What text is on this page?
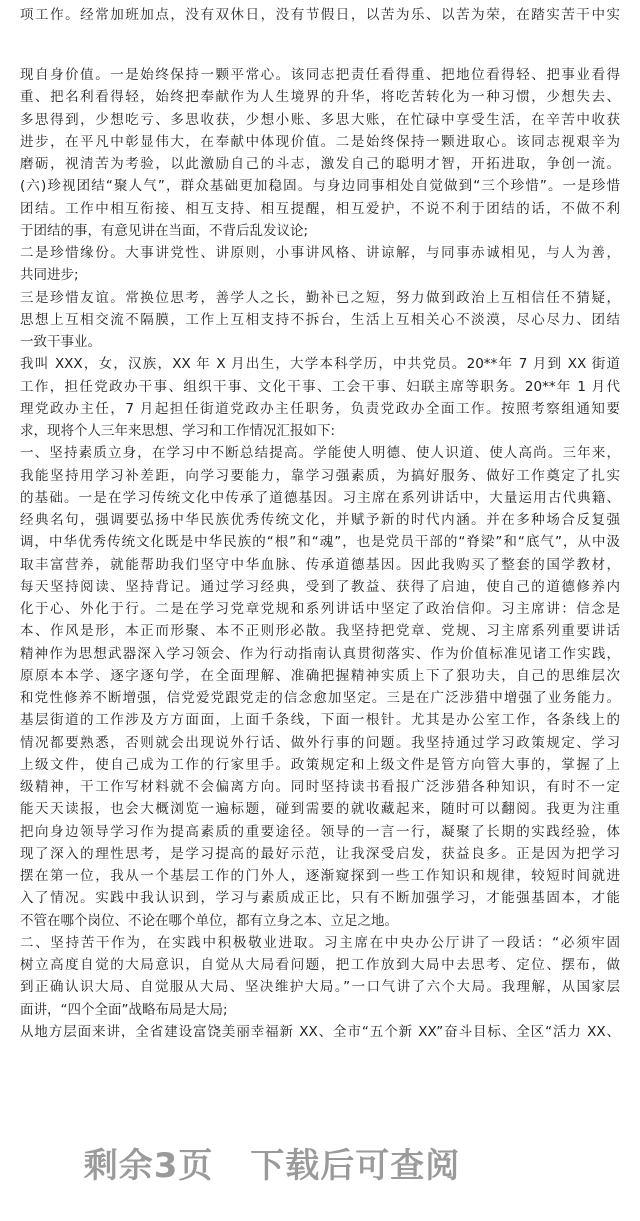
项工作。经常加班加点，没有双休日，没有节假日，以苦为乐、以苦为荣，在踏实苦干中实
现自身价值。一是始终保持一颗平常心。该同志把责任看得重、把地位看得轻、把事业看得
重、把名利看得轻，始终把奉献作为人生境界的升华，将吃苦转化为一种习惯，少想失去、
多思得到，少想吃亏、多思收获，少想小账、多思大账，在忙碌中享受生活，在辛苦中收获
进步，在平凡中彰显伟大，在奉献中体现价值。二是始终保持一颗进取心。该同志视艰辛为
磨砺，视清苦为考验，以此激励自己的斗志，激发自己的聪明才智，开拓进取，争创一流。
(六)珍视团结“聚人气”，群众基础更加稳固。与身边同事相处自觉做到“三个珍惜”。一是珍惜
团结。工作中相互衔接、相互支持、相互提醒，相互爱护，不说不利于团结的话，不做不利
于团结的事，有意见讲在当面，不背后乱发议论;
二是珍惜缘份。大事讲党性、讲原则，小事讲风格、讲谅解，与同事赤诚相见，与人为善，
共同进步;
三是珍惜友谊。常换位思考，善学人之长，勤补已之短，努力做到政治上互相信任不猜疑，
思想上互相交流不隔膜，工作上互相支持不拆台，生活上互相关心不淡漠，尽心尽力、团结
一致干事业。
我叫 XXX，女，汉族，XX 年 X 月出生，大学本科学历，中共党员。20**年 7 月到 XX 街道
工作，担任党政办干事、组织干事、文化干事、工会干事、妇联主席等职务。20**年 1 月代
理党政办主任，7 月起担任街道党政办主任职务，负责党政办全面工作。按照考察组通知要
求，现将个人三年来思想、学习和工作情况汇报如下:
一、坚持素质立身，在学习中不断总结提高。学能使人明德、使人识道、使人高尚。三年来，
我能坚持用学习补差距，向学习要能力，靠学习强素质，为搞好服务、做好工作奠定了扎实
的基础。一是在学习传统文化中传承了道德基因。习主席在系列讲话中，大量运用古代典籍、
经典名句，强调要弘扬中华民族优秀传统文化，并赋予新的时代内涵。并在多种场合反复强
调，中华优秀传统文化既是中华民族的“根”和“魂”，也是党员干部的“脊梁”和“底气”，从中汲
取丰富营养，就能帮助我们坚守中华血脉、传承道德基因。因此我购买了整套的国学教材，
每天坚持阅读、坚持背记。通过学习经典，受到了教益、获得了启迪，使自己的道德修养内
化于心、外化于行。二是在学习党章党规和系列讲话中坚定了政治信仰。习主席讲：信念是
本、作风是形，本正而形聚、本不正则形必散。我坚持把党章、党规、习主席系列重要讲话
精神作为思想武器深入学习领会、作为行动指南认真贯彻落实、作为价值标准见诸工作实践，
原原本本学、逐字逐句学，在全面理解、准确把握精神实质上下了狠功夫，自己的思维层次
和党性修养不断增强，信党爱党跟党走的信念愈加坚定。三是在广泛涉猎中增强了业务能力。
基层街道的工作涉及方方面面，上面千条线，下面一根针。尤其是办公室工作，各条线上的
情况都要熟悉，否则就会出现说外行话、做外行事的问题。我坚持通过学习政策规定、学习
上级文件，使自己成为工作的行家里手。政策规定和上级文件是管方向管大事的，掌握了上
级精神，干工作写材料就不会偏离方向。同时坚持读书看报广泛涉猎各种知识，有时不一定
能天天读报，也会大概浏览一遍标题，碰到需要的就收藏起来，随时可以翻阅。我更为注重
把向身边领导学习作为提高素质的重要途径。领导的一言一行，凝聚了长期的实践经验，体
现了深入的理性思考，是学习提高的最好示范，让我深受启发，获益良多。正是因为把学习
摆在第一位，我从一个基层工作的门外人，逐渐窥探到一些工作知识和规律，较短时间就进
入了情况。实践中我认识到，学习与素质成正比，只有不断加强学习，才能强基固本，才能
不管在哪个岗位、不论在哪个单位，都有立身之本、立足之地。
二、坚持苦干作为，在实践中积极敬业进取。习主席在中央办公厅讲了一段话：“必须牢固
树立高度自觉的大局意识，自觉从大局看问题，把工作放到大局中去思考、定位、摆布，做
到正确认识大局、自觉服从大局、坚决维护大局。”一口气讲了六个大局。我理解，从国家层
面讲，“四个全面”战略布局是大局;
从地方层面来讲，全省建设富饶美丽幸福新 XX、全市“五个新 XX”奋斗目标、全区“活力 XX、
剩余3页 下载后可查阅
